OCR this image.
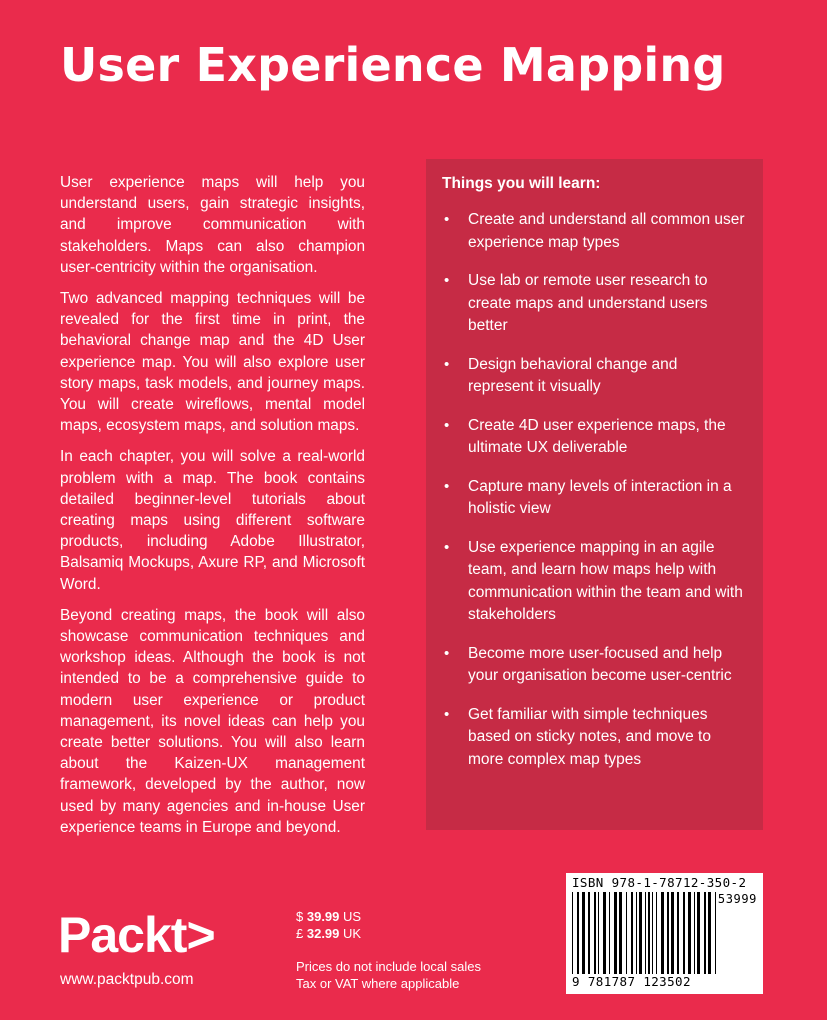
User Experience Mapping

User experience maps will help you understand users, gain strategic insights, and improve communication with stakeholders. Maps can also champion user-centricity within the organisation.

Two advanced mapping techniques will be revealed for the first time in print, the behavioral change map and the 4D User experience map. You will also explore user story maps, task models, and journey maps. You will create wireflows, mental model maps, ecosystem maps, and solution maps.

In each chapter, you will solve a real-world problem with a map. The book contains detailed beginner-level tutorials about creating maps using different software products, including Adobe Illustrator, Balsamiq Mockups, Axure RP, and Microsoft Word.

Beyond creating maps, the book will also showcase communication techniques and workshop ideas. Although the book is not intended to be a comprehensive guide to modern user experience or product management, its novel ideas can help you create better solutions. You will also learn about the Kaizen-UX management framework, developed by the author, now used by many agencies and in-house User experience teams in Europe and beyond.

Things you will learn:
• Create and understand all common user experience map types
• Use lab or remote user research to create maps and understand users better
• Design behavioral change and represent it visually
• Create 4D user experience maps, the ultimate UX deliverable
• Capture many levels of interaction in a holistic view
• Use experience mapping in an agile team, and learn how maps help with communication within the team and with stakeholders
• Become more user-focused and help your organisation become user-centric
• Get familiar with simple techniques based on sticky notes, and move to more complex map types
Packt>
www.packtpub.com
$ 39.99 US
£ 32.99 UK
Prices do not include local sales
Tax or VAT where applicable
ISBN 978-1-78712-350-2
53999
9 781787 123502
